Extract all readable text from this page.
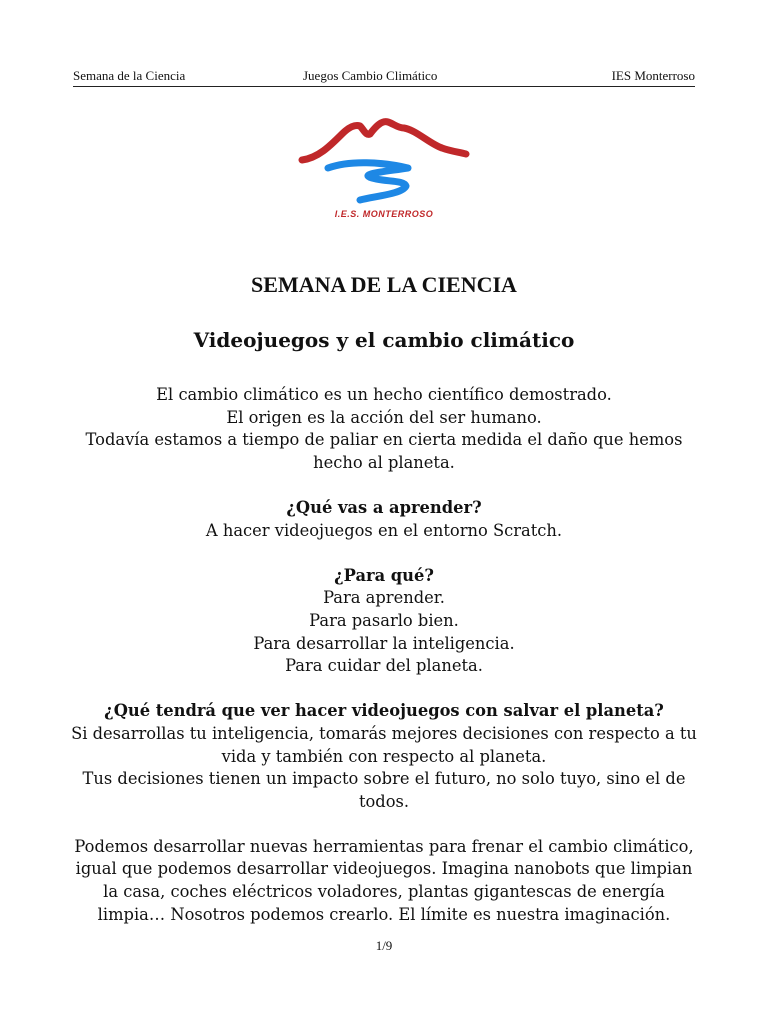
Semana de la Ciencia	Juegos Cambio Climático	IES Monterroso
I.E.S. MONTERROSO
SEMANA DE LA CIENCIA
Videojuegos y el cambio climático

El cambio climático es un hecho científico demostrado.

El origen es la acción del ser humano.

Todavía estamos a tiempo de paliar en cierta medida el daño que hemos hecho al planeta.

¿Qué vas a aprender?

A hacer videojuegos en el entorno Scratch.

¿Para qué?

Para aprender.

Para pasarlo bien.

Para desarrollar la inteligencia.

Para cuidar del planeta.

¿Qué tendrá que ver hacer videojuegos con salvar el planeta?

Si desarrollas tu inteligencia, tomarás mejores decisiones con respecto a tu vida y también con respecto al planeta.

Tus decisiones tienen un impacto sobre el futuro, no solo tuyo, sino el de todos.

Podemos desarrollar nuevas herramientas para frenar el cambio climático, igual que podemos desarrollar videojuegos. Imagina nanobots que limpian la casa, coches eléctricos voladores, plantas gigantescas de energía limpia… Nosotros podemos crearlo. El límite es nuestra imaginación.

1/9
